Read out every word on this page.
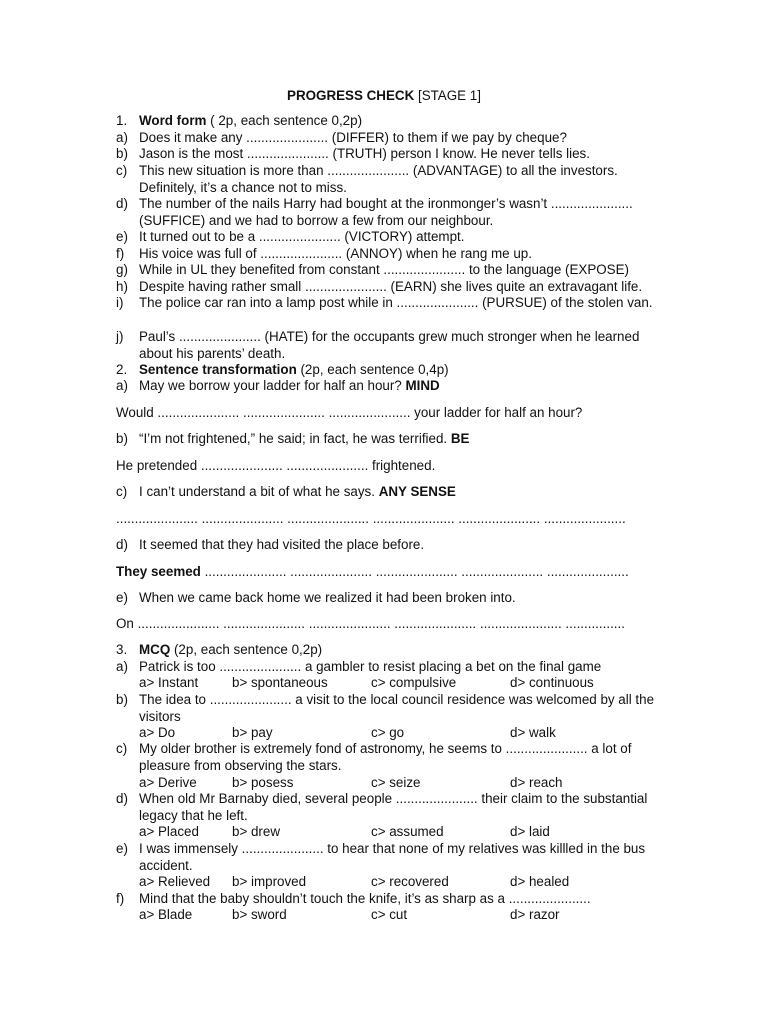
PROGRESS CHECK [STAGE 1]
1. Word form ( 2p, each sentence 0,2p)
a) Does it make any ...................... (DIFFER) to them if we pay by cheque?
b) Jason is the most ...................... (TRUTH) person I know. He never tells lies.
c) This new situation is more than ...................... (ADVANTAGE) to all the investors. Definitely, it’s a chance not to miss.
d) The number of the nails Harry had bought at the ironmonger’s wasn’t ...................... (SUFFICE) and we had to borrow a few from our neighbour.
e) It turned out to be a ...................... (VICTORY) attempt.
f)	His voice was full of ...................... (ANNOY) when he rang me up.
g) While in UL they benefited from constant ...................... to the language (EXPOSE)
h) Despite having rather small ...................... (EARN) she lives quite an extravagant life.
i)	The police car ran into a lamp post while in ...................... (PURSUE) of the stolen van.
j)	Paul’s ...................... (HATE) for the occupants grew much stronger when he learned about his parents’ death.
2. Sentence transformation (2p, each sentence 0,4p)
a) May we borrow your ladder for half an hour? MIND
Would ...................... ...................... ...................... your ladder for half an hour?
b) “I’m not frightened,” he said; in fact, he was terrified. BE
He pretended ...................... ...................... frightened.
c) I can’t understand a bit of what he says. ANY SENSE
...................... ...................... ...................... ...................... ...................... ......................
d) It seemed that they had visited the place before.
They seemed ...................... ...................... ...................... ...................... ......................
e) When we came back home we realized it had been broken into.
On ...................... ...................... ...................... ...................... ...................... ................
3. MCQ (2p, each sentence 0,2p)
a) Patrick is too ...................... a gambler to resist placing a bet on the final game
a> Instant	b> spontaneous	c> compulsive	d> continuous
b) The idea to ...................... a visit to the local council residence was welcomed by all the visitors
a> Do	b> pay	c> go	d> walk
c) My older brother is extremely fond of astronomy, he seems to ...................... a lot of pleasure from observing the stars.
a> Derive	b> posess	c> seize	d> reach
d) When old Mr Barnaby died, several people ...................... their claim to the substantial legacy that he left.
a> Placed b> drew	c> assumed	d> laid
e) I was immensely ...................... to hear that none of my relatives was killled in the bus accident.
a> Relieved b> improved	c> recovered	d> healed
f)	Mind that the baby shouldn’t touch the knife, it’s as sharp as a ......................
a> Blade	b> sword	c> cut	d> razor
